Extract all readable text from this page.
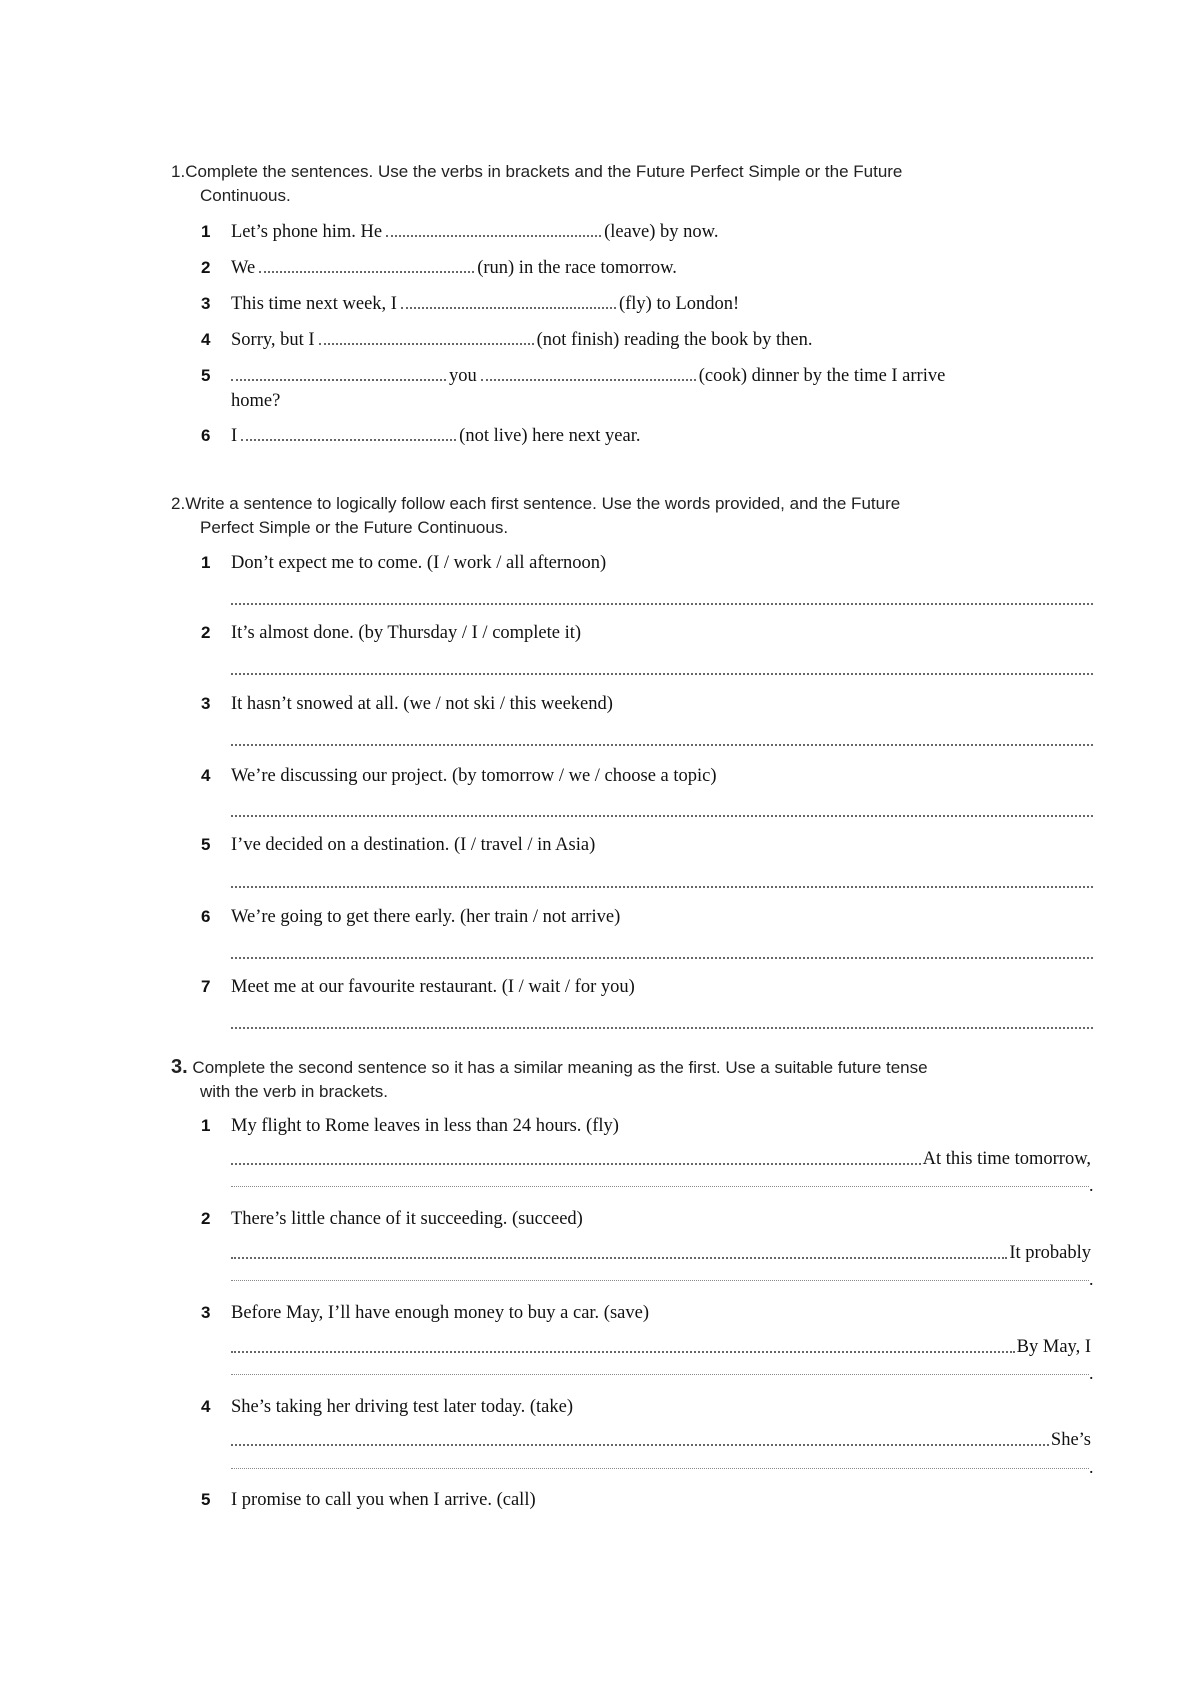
1.Complete the sentences. Use the verbs in brackets and the Future Perfect Simple or the Future
Continuous.
1 Let’s phone him. He	(leave) by now.
2 We	(run) in the race tomorrow.
3 This time next week, I	(fly) to London!
4 Sorry, but I	(not finish) reading the book by then.
5	you	(cook) dinner by the time I arrive
home?
6 I	(not live) here next year.
2.Write a sentence to logically follow each first sentence. Use the words provided, and the Future
Perfect Simple or the Future Continuous.
1 Don’t expect me to come. (I / work / all afternoon)
2 It’s almost done. (by Thursday / I / complete it)
3 It hasn’t snowed at all. (we / not ski / this weekend)
4 We’re discussing our project. (by tomorrow / we / choose a topic)
5 I’ve decided on a destination. (I / travel / in Asia)
6 We’re going to get there early. (her train / not arrive)
7 Meet me at our favourite restaurant. (I / wait / for you)
3. Complete the second sentence so it has a similar meaning as the first. Use a suitable future tense
with the verb in brackets.
1 My flight to Rome leaves in less than 24 hours. (fly)
At this time tomorrow,
.
2 There’s little chance of it succeeding. (succeed)
It probably
.
3 Before May, I’ll have enough money to buy a car. (save)
By May, I
.
4 She’s taking her driving test later today. (take)
She’s
.
5 I promise to call you when I arrive. (call)
